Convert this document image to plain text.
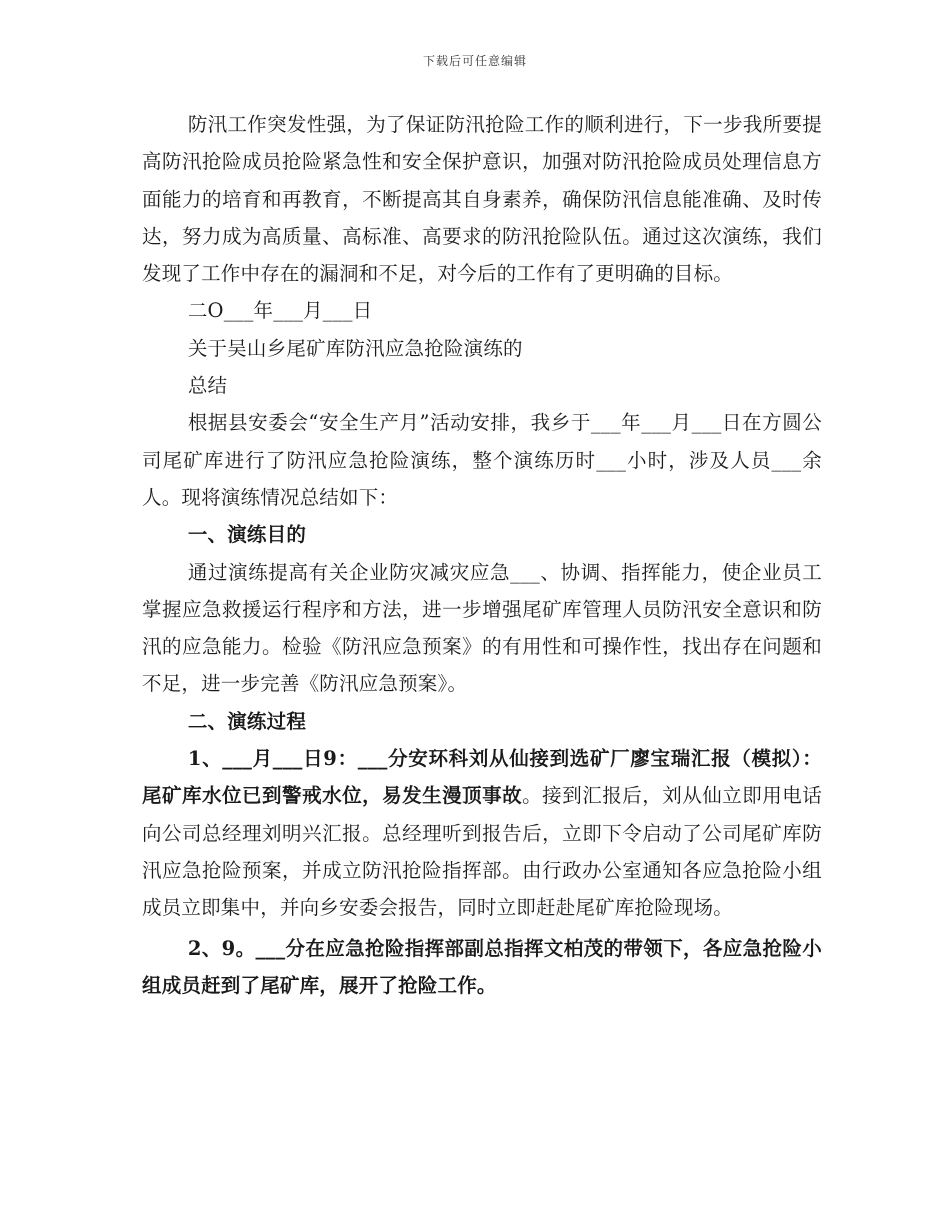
下载后可任意编辑

防汛工作突发性强，为了保证防汛抢险工作的顺利进行，下一步我所要提高防汛抢险成员抢险紧急性和安全保护意识，加强对防汛抢险成员处理信息方面能力的培育和再教育，不断提高其自身素养，确保防汛信息能准确、及时传达，努力成为高质量、高标准、高要求的防汛抢险队伍。通过这次演练，我们发现了工作中存在的漏洞和不足，对今后的工作有了更明确的目标。

二O___年___月___日

关于吴山乡尾矿库防汛应急抢险演练的

总结

根据县安委会“安全生产月”活动安排，我乡于___年___月___日在方圆公司尾矿库进行了防汛应急抢险演练，整个演练历时___小时，涉及人员___余人。现将演练情况总结如下：

一、演练目的

通过演练提高有关企业防灾减灾应急___、协调、指挥能力，使企业员工掌握应急救援运行程序和方法，进一步增强尾矿库管理人员防汛安全意识和防汛的应急能力。检验《防汛应急预案》的有用性和可操作性，找出存在问题和不足，进一步完善《防汛应急预案》。

二、演练过程

1、___月___日9：___分安环科刘从仙接到选矿厂廖宝瑞汇报（模拟）：尾矿库水位已到警戒水位，易发生漫顶事故。接到汇报后，刘从仙立即用电话向公司总经理刘明兴汇报。总经理听到报告后，立即下令启动了公司尾矿库防汛应急抢险预案，并成立防汛抢险指挥部。由行政办公室通知各应急抢险小组成员立即集中，并向乡安委会报告，同时立即赶赴尾矿库抢险现场。

2、9。___分在应急抢险指挥部副总指挥文柏茂的带领下，各应急抢险小组成员赶到了尾矿库，展开了抢险工作。
